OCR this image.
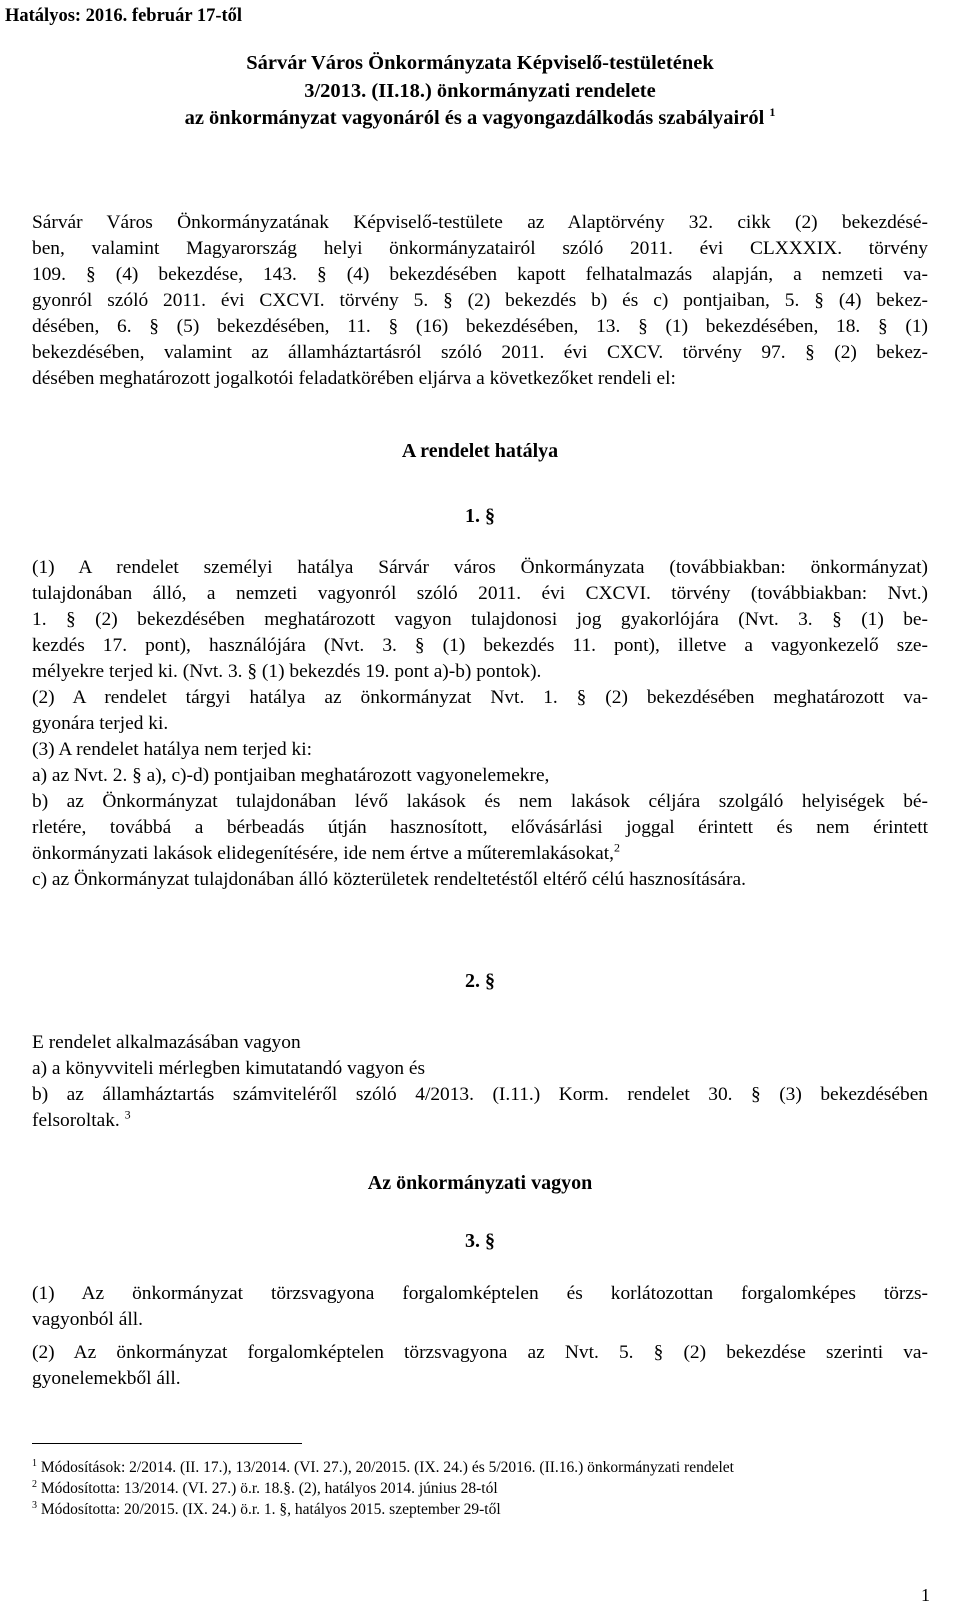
Hatályos: 2016. február 17-től
Sárvár Város Önkormányzata Képviselő-testületének
3/2013. (II.18.) önkormányzati rendelete
az önkormányzat vagyonáról és a vagyongazdálkodás szabályairól $^1$
Sárvár Város Önkormányzatának Képviselő-testülete az Alaptörvény 32. cikk (2) bekezdésé-
ben, valamint Magyarország helyi önkormányzatairól szóló 2011. évi CLXXXIX. törvény
109. § (4) bekezdése, 143. § (4) bekezdésében kapott felhatalmazás alapján, a nemzeti va-
gyonról szóló 2011. évi CXCVI. törvény 5. § (2) bekezdés b) és c) pontjaiban, 5. § (4) bekez-
désében, 6. § (5) bekezdésében, 11. § (16) bekezdésében, 13. § (1) bekezdésében, 18. § (1)
bekezdésében, valamint az államháztartásról szóló 2011. évi CXCV. törvény 97. § (2) bekez-
désében meghatározott jogalkotói feladatkörében eljárva a következőket rendeli el:
A rendelet hatálya
1. §
(1) A rendelet személyi hatálya Sárvár város Önkormányzata (továbbiakban: önkormányzat)
tulajdonában álló, a nemzeti vagyonról szóló 2011. évi CXCVI. törvény (továbbiakban: Nvt.)
1. § (2) bekezdésében meghatározott vagyon tulajdonosi jog gyakorlójára (Nvt. 3. § (1) be-
kezdés 17. pont), használójára (Nvt. 3. § (1) bekezdés 11. pont), illetve a vagyonkezelő sze-
mélyekre terjed ki. (Nvt. 3. § (1) bekezdés 19. pont a)-b) pontok).
(2) A rendelet tárgyi hatálya az önkormányzat Nvt. 1. § (2) bekezdésében meghatározott va-
gyonára terjed ki.
(3) A rendelet hatálya nem terjed ki:
a) az Nvt. 2. § a), c)-d) pontjaiban meghatározott vagyonelemekre,
b) az Önkormányzat tulajdonában lévő lakások és nem lakások céljára szolgáló helyiségek bé-
rletére, továbbá a bérbeadás útján hasznosított, elővásárlási joggal érintett és nem érintett
önkormányzati lakások elidegenítésére, ide nem értve a műteremlakásokat,$^2$
c) az Önkormányzat tulajdonában álló közterületek rendeltetéstől eltérő célú hasznosítására.
2. §
E rendelet alkalmazásában vagyon
a) a könyvviteli mérlegben kimutatandó vagyon és
b) az államháztartás számviteléről szóló 4/2013. (I.11.) Korm. rendelet 30. § (3) bekezdésében
felsoroltak. $^3$
Az önkormányzati vagyon
3. §
(1) Az önkormányzat törzsvagyona forgalomképtelen és korlátozottan forgalomképes törzs-
vagyonból áll.
(2) Az önkormányzat forgalomképtelen törzsvagyona az Nvt. 5. § (2) bekezdése szerinti va-
gyonelemekből áll.
$^1$ Módosítások: 2/2014. (II. 17.), 13/2014. (VI. 27.), 20/2015. (IX. 24.) és 5/2016. (II.16.) önkormányzati rendelet
$^2$ Módosította: 13/2014. (VI. 27.) ö.r. 18.§. (2), hatályos 2014. június 28-tól
$^3$ Módosította: 20/2015. (IX. 24.) ö.r. 1. §, hatályos 2015. szeptember 29-től
1
